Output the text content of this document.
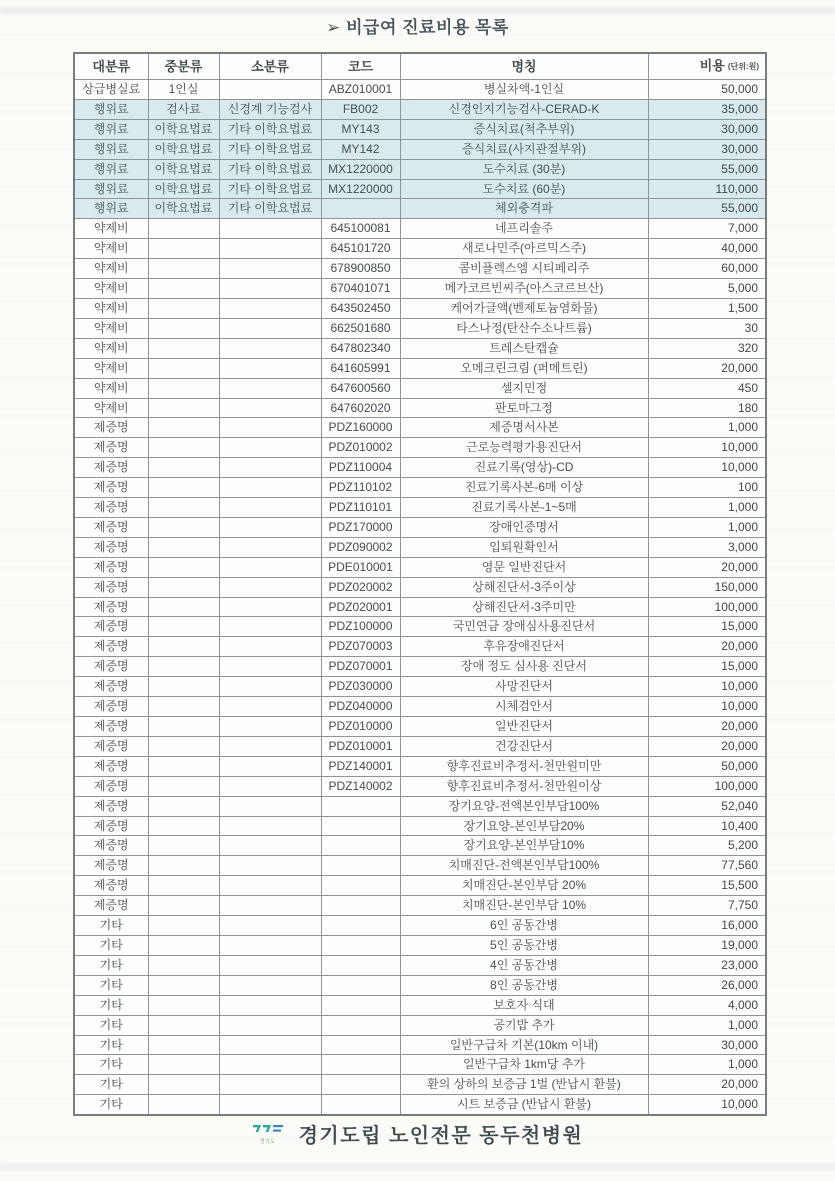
➢ 비급여 진료비용 목록
대분류	중분류	소분류	코드	명칭	비용 (단위:원)
상급병실료	1인실		ABZ010001	병실차액-1인실	50,000
행위료	검사료	신경계 기능검사	FB002	신경인지기능검사-CERAD-K	35,000
행위료	이학요법료	기타 이학요법료	MY143	증식치료(척추부위)	30,000
행위료	이학요법료	기타 이학요법료	MY142	증식치료(사지관절부위)	30,000
행위료	이학요법료	기타 이학요법료	MX1220000	도수치료 (30분)	55,000
행위료	이학요법료	기타 이학요법료	MX1220000	도수치료 (60분)	110,000
행위료	이학요법료	기타 이학요법료		체외충격파	55,000
약제비			645100081	네프리솔주	7,000
약제비			645101720	새로나민주(아르믹스주)	40,000
약제비			678900850	콤비플렉스엠 시티페리주	60,000
약제비			670401071	메가코르빈씨주(아스코르브산)	5,000
약제비			643502450	케어가글액(벤제토늄염화물)	1,500
약제비			662501680	타스나정(탄산수소나트륨)	30
약제비			647802340	트레스탄캡슐	320
약제비			641605991	오메크린크림 (퍼메트린)	20,000
약제비			647600560	셀지민정	450
약제비			647602020	판토마그정	180
제증명			PDZ160000	제증명서사본	1,000
제증명			PDZ010002	근로능력평가용진단서	10,000
제증명			PDZ110004	진료기록(영상)-CD	10,000
제증명			PDZ110102	진료기록사본-6매 이상	100
제증명			PDZ110101	진료기록사본-1~5매	1,000
제증명			PDZ170000	장애인증명서	1,000
제증명			PDZ090002	입퇴원확인서	3,000
제증명			PDE010001	영문 일반진단서	20,000
제증명			PDZ020002	상해진단서-3주이상	150,000
제증명			PDZ020001	상해진단서-3주미만	100,000
제증명			PDZ100000	국민연금 장애심사용진단서	15,000
제증명			PDZ070003	후유장애진단서	20,000
제증명			PDZ070001	장애 정도 심사용 진단서	15,000
제증명			PDZ030000	사망진단서	10,000
제증명			PDZ040000	시체검안서	10,000
제증명			PDZ010000	일반진단서	20,000
제증명			PDZ010001	건강진단서	20,000
제증명			PDZ140001	향후진료비추정서-천만원미만	50,000
제증명			PDZ140002	향후진료비추정서-천만원이상	100,000
제증명				장기요양-전액본인부담100%	52,040
제증명				장기요양-본인부담20%	10,400
제증명				장기요양-본인부담10%	5,200
제증명				치매진단-전액본인부담100%	77,560
제증명				치매진단-본인부담 20%	15,500
제증명				치매진단-본인부담 10%	7,750
기타				6인 공동간병	16,000
기타				5인 공동간병	19,000
기타				4인 공동간병	23,000
기타				8인 공동간병	26,000
기타				보호자 식대	4,000
기타				공기밥 추가	1,000
기타				일반구급차 기본(10km 이내)	30,000
기타				일반구급차 1km당 추가	1,000
기타				환의 상하의 보증금 1벌 (반납시 환불)	20,000
기타				시트 보증금 (반납시 환불)	10,000
경기도 경기도립 노인전문 동두천병원
